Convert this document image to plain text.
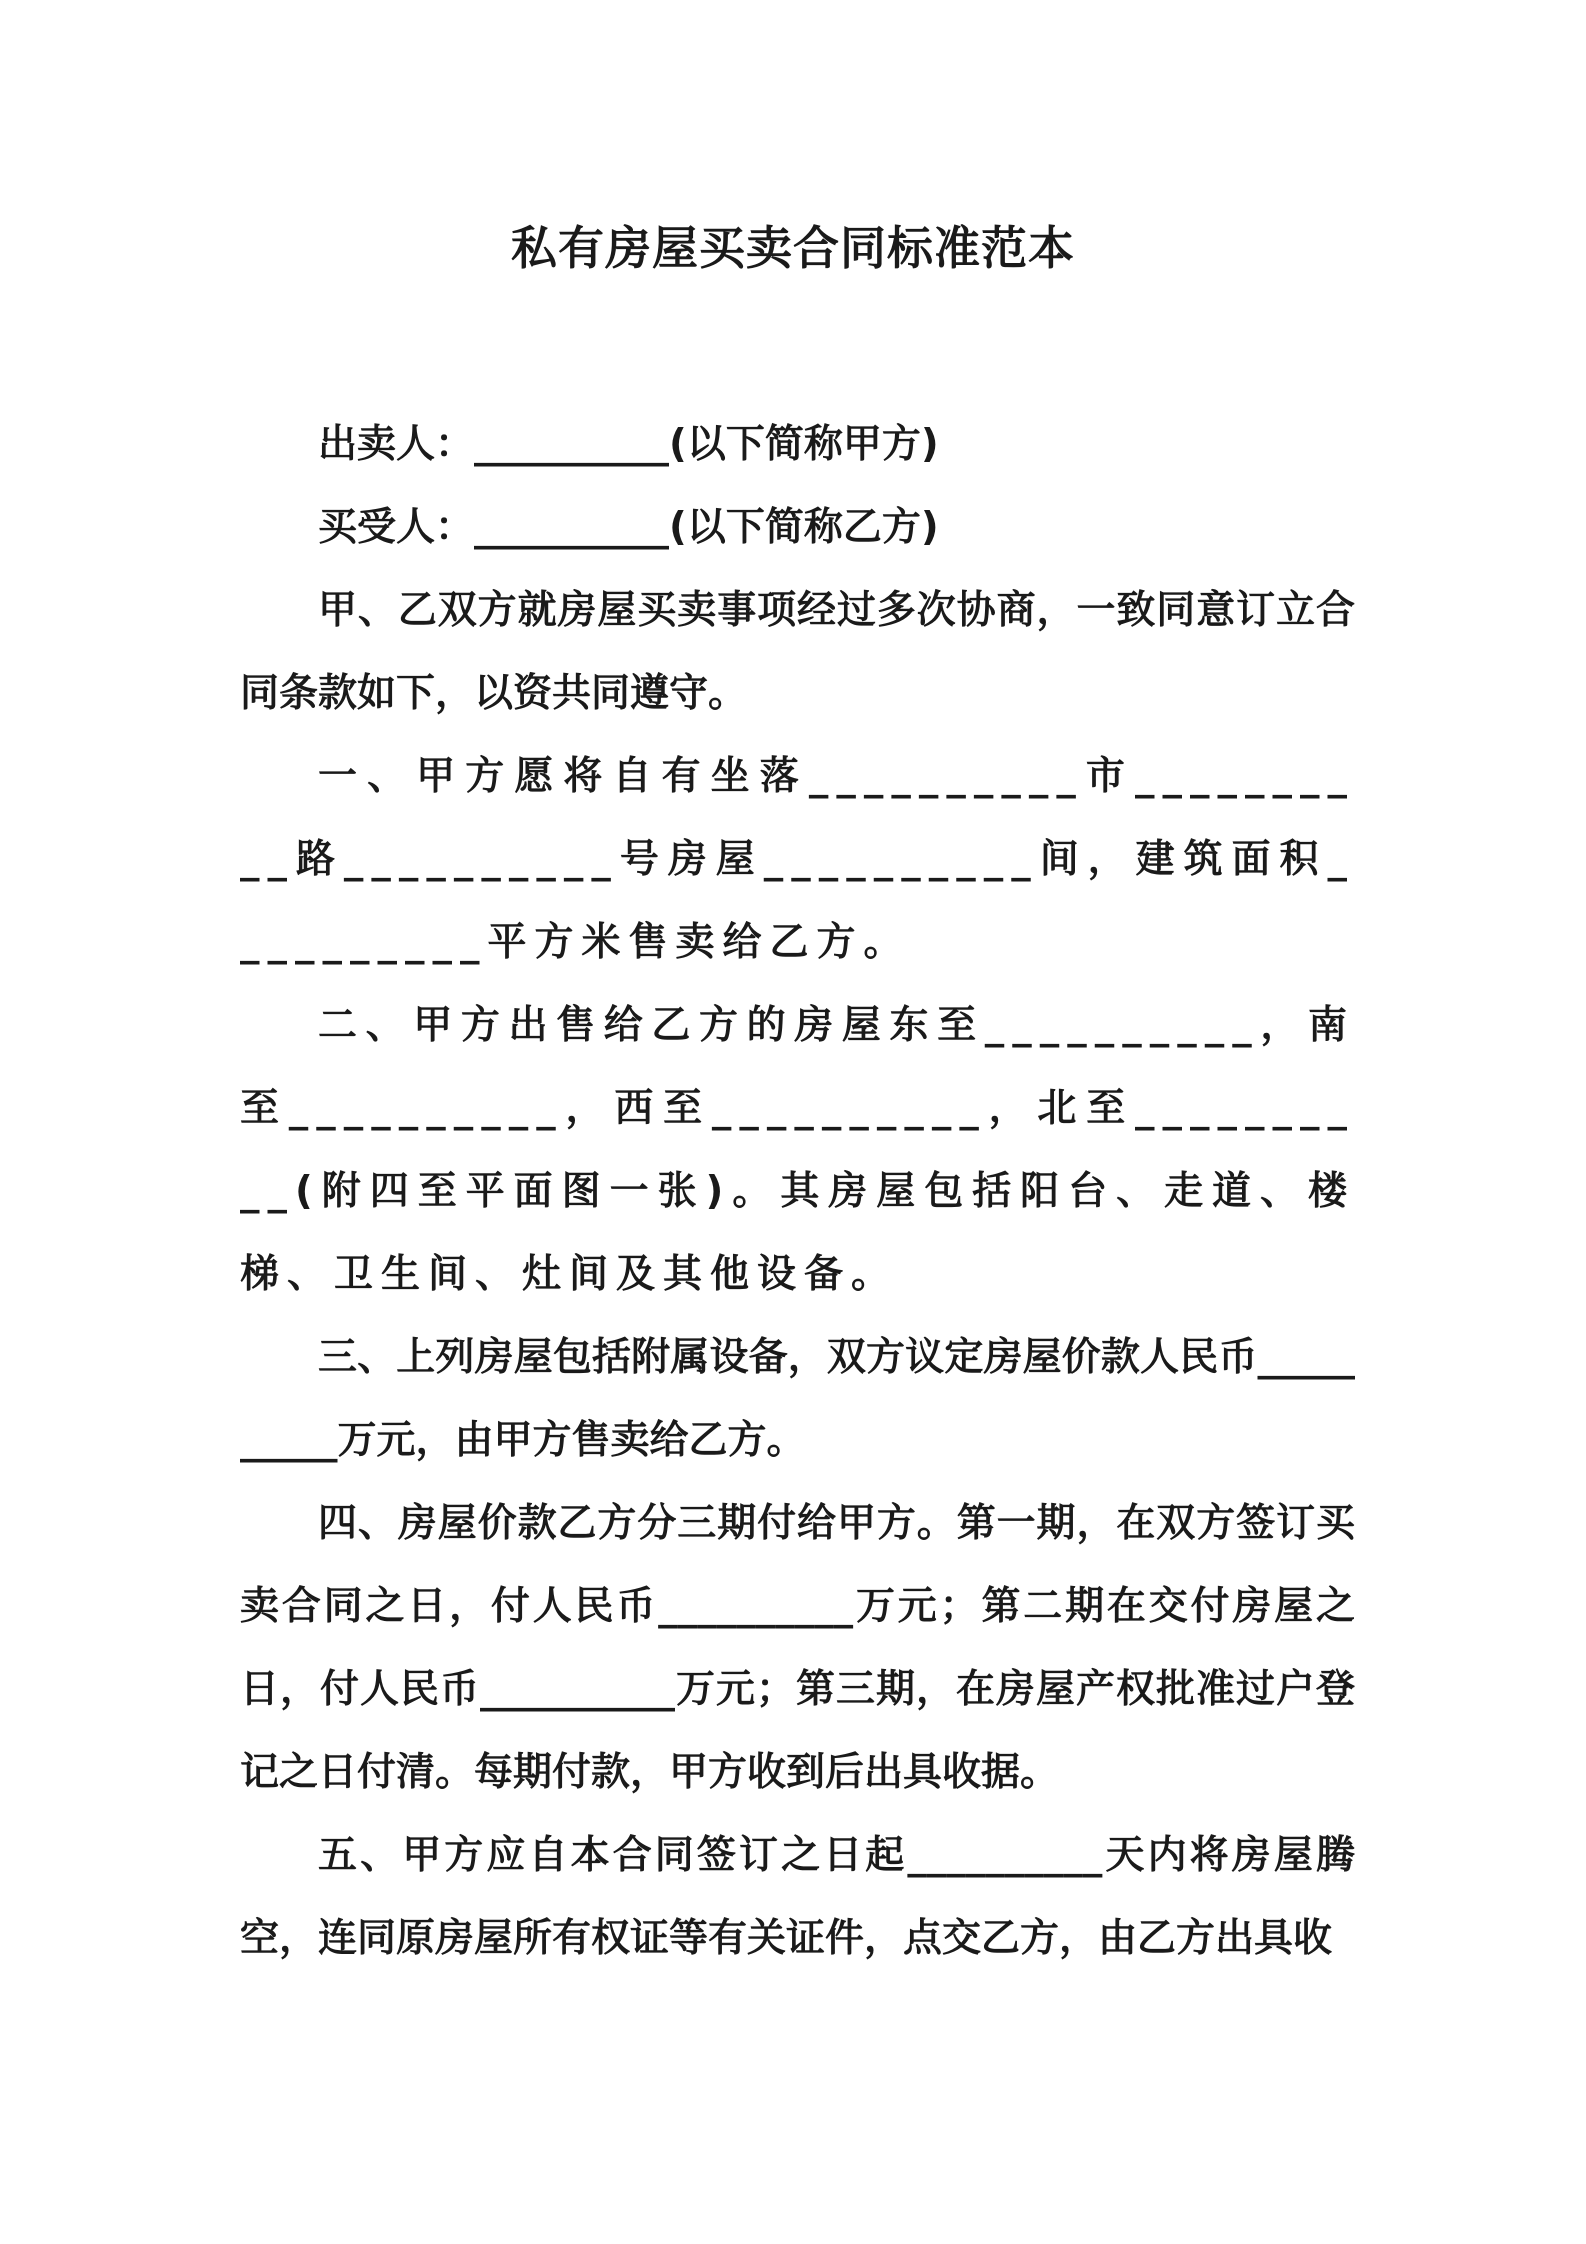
私有房屋买卖合同标准范本

出卖人：__________(以下简称甲方)

买受人：__________(以下简称乙方)

甲、乙双方就房屋买卖事项经过多次协商，一致同意订立合同条款如下，以资共同遵守。

一、甲方愿将自有坐落__________市__________路__________号房屋__________间，建筑面积__________平方米售卖给乙方。

二、甲方出售给乙方的房屋东至__________，南至__________，西至__________，北至__________(附四至平面图一张)。其房屋包括阳台、走道、楼梯、卫生间、灶间及其他设备。

三、上列房屋包括附属设备，双方议定房屋价款人民币__________万元，由甲方售卖给乙方。

四、房屋价款乙方分三期付给甲方。第一期，在双方签订买卖合同之日，付人民币__________万元；第二期在交付房屋之日，付人民币__________万元；第三期，在房屋产权批准过户登记之日付清。每期付款，甲方收到后出具收据。

五、甲方应自本合同签订之日起__________天内将房屋腾空，连同原房屋所有权证等有关证件，点交乙方，由乙方出具收
